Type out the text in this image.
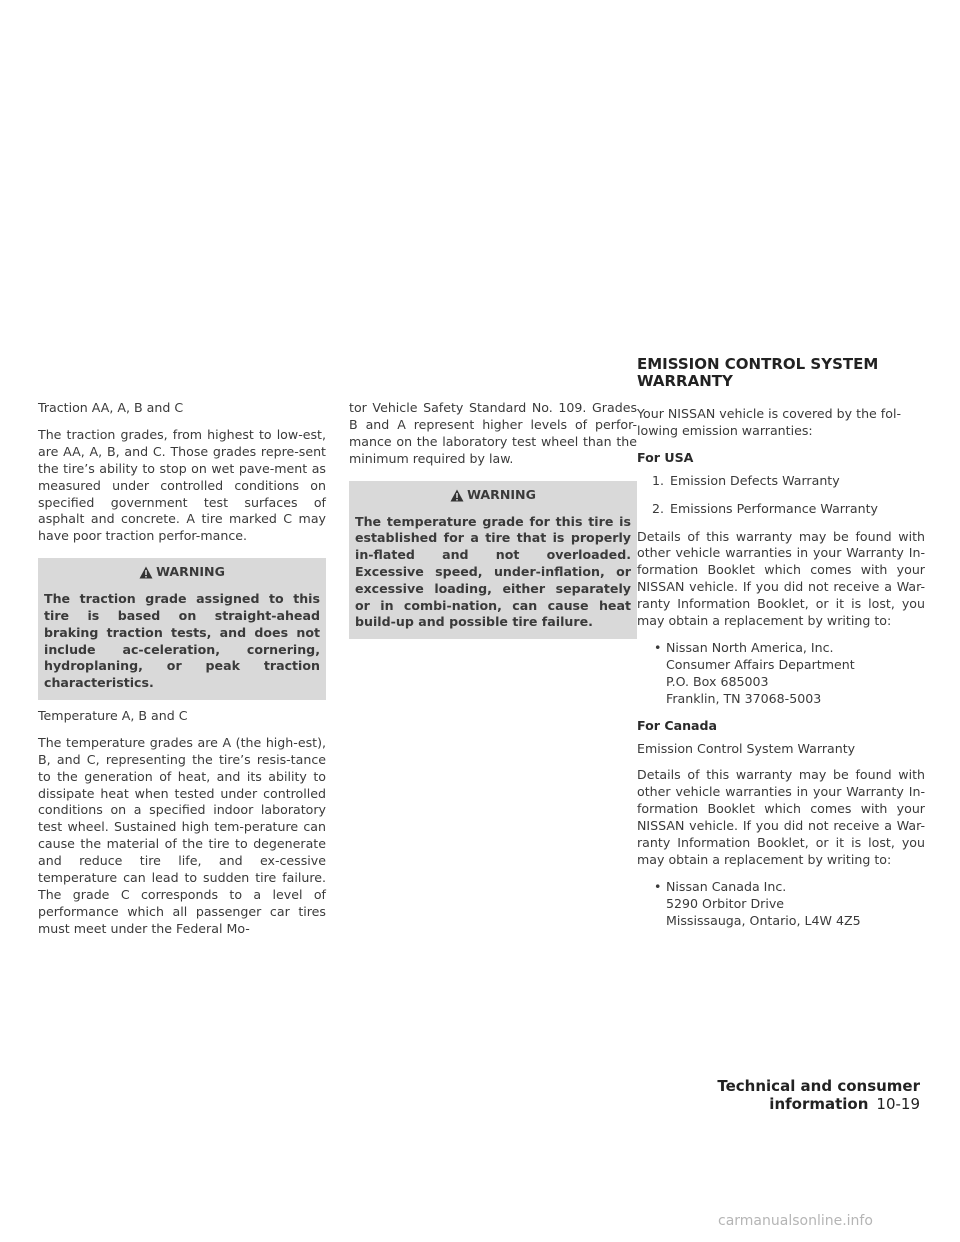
Traction AA, A, B and C

The traction grades, from highest to low-est, are AA, A, B, and C. Those grades repre-sent the tire’s ability to stop on wet pave-ment as measured under controlled conditions on specified government test surfaces of asphalt and concrete. A tire marked C may have poor traction perfor-mance.

WARNING
The traction grade assigned to this tire is based on straight-ahead braking traction tests, and does not include ac-celeration, cornering, hydroplaning, or peak traction characteristics.

Temperature A, B and C

The temperature grades are A (the high-est), B, and C, representing the tire’s resis-tance to the generation of heat, and its ability to dissipate heat when tested under controlled conditions on a specified indoor laboratory test wheel. Sustained high tem-perature can cause the material of the tire to degenerate and reduce tire life, and ex-cessive temperature can lead to sudden tire failure. The grade C corresponds to a level of performance which all passenger car tires must meet under the Federal Mo-

tor Vehicle Safety Standard No. 109. Grades B and A represent higher levels of perfor-mance on the laboratory test wheel than the minimum required by law.

WARNING
The temperature grade for this tire is established for a tire that is properly in-flated and not overloaded. Excessive speed, under-inflation, or excessive loading, either separately or in combi-nation, can cause heat build-up and possible tire failure.
EMISSION CONTROL SYSTEM
WARRANTY

Your NISSAN vehicle is covered by the fol-lowing emission warranties:

For USA
1. Emission Defects Warranty
2. Emissions Performance Warranty

Details of this warranty may be found with other vehicle warranties in your Warranty In-formation Booklet which comes with your NISSAN vehicle. If you did not receive a War-ranty Information Booklet, or it is lost, you may obtain a replacement by writing to:

• Nissan North America, Inc.
Consumer Affairs Department
P.O. Box 685003
Franklin, TN 37068-5003
For Canada

Emission Control System Warranty

Details of this warranty may be found with other vehicle warranties in your Warranty In-formation Booklet which comes with your NISSAN vehicle. If you did not receive a War-ranty Information Booklet, or it is lost, you may obtain a replacement by writing to:

• Nissan Canada Inc.
5290 Orbitor Drive
Mississauga, Ontario, L4W 4Z5
Technical and consumer information 10-19
carmanualsonline.info
